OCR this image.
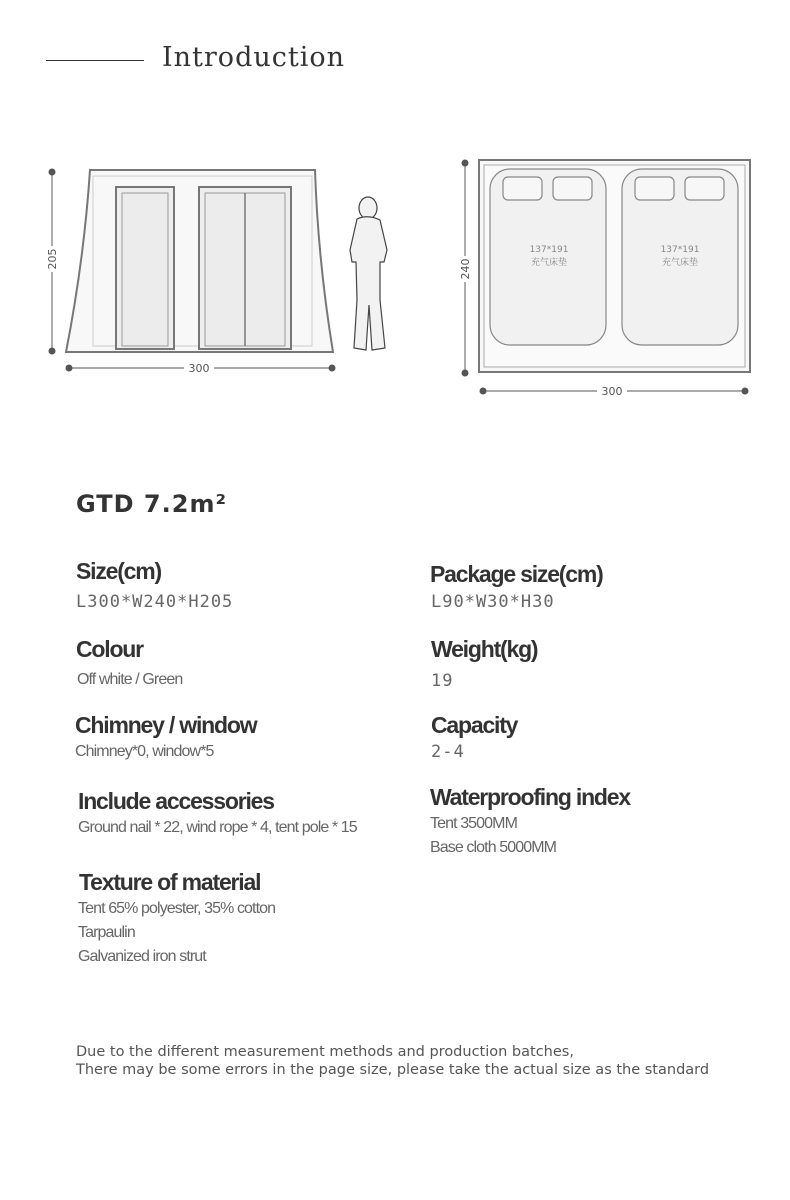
Introduction
205
300
137*191
充气床垫
137*191
充气床垫
240
300
GTD 7.2m²
Size(cm)
L300*W240*H205
Colour
Off white / Green
Chimney / window
Chimney*0, window*5
Include accessories
Ground nail * 22, wind rope * 4, tent pole * 15
Texture of material
Tent 65% polyester, 35% cotton
Tarpaulin
Galvanized iron strut
Package size(cm)
L90*W30*H30
Weight(kg)
19
Capacity
2-4
Waterproofing index
Tent 3500MM
Base cloth 5000MM
Due to the different measurement methods and production batches,
There may be some errors in the page size, please take the actual size as the standard
